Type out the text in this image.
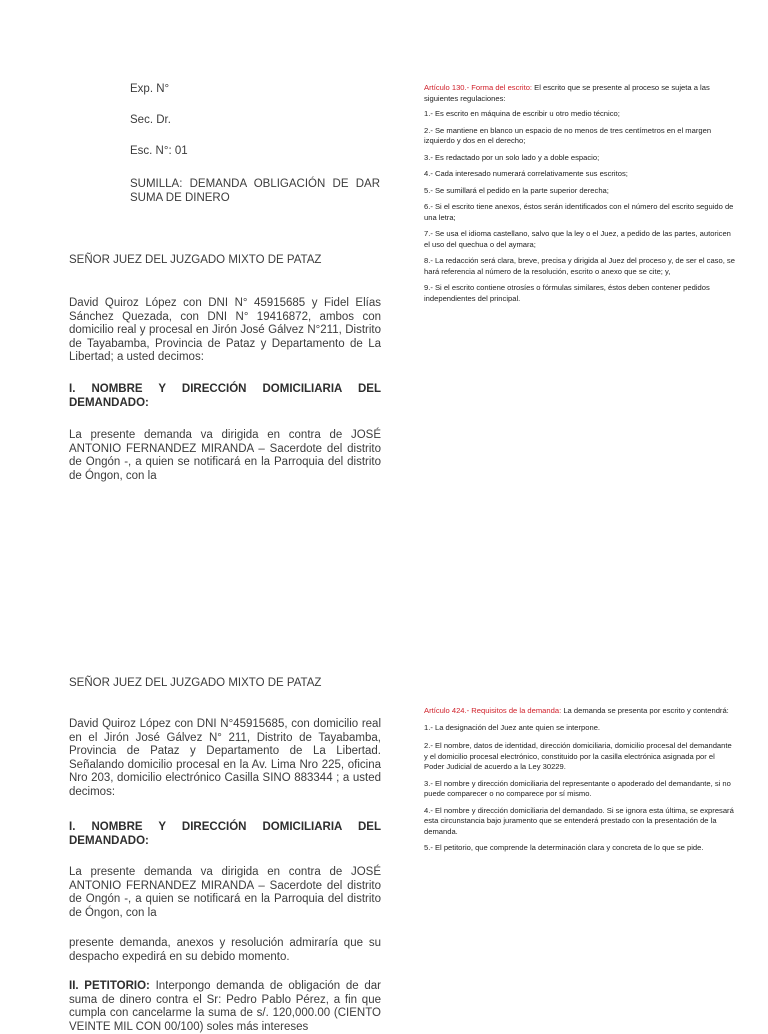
Exp. N°
Sec. Dr.
Esc. N°: 01
SUMILLA: DEMANDA OBLIGACIÓN DE DAR SUMA DE DINERO
SEÑOR JUEZ DEL JUZGADO MIXTO DE PATAZ
David Quiroz López con DNI N° 45915685 y Fidel Elías Sánchez Quezada, con DNI N° 19416872, ambos con domicilio real y procesal en Jirón José Gálvez N°211, Distrito de Tayabamba, Provincia de Pataz y Departamento de La Libertad; a usted decimos:
I. NOMBRE Y DIRECCIÓN DOMICILIARIA DEL DEMANDADO:
La presente demanda va dirigida en contra de JOSÉ ANTONIO FERNANDEZ MIRANDA – Sacerdote del distrito de Ongón -, a quien se notificará en la Parroquia del distrito de Óngon, con la
Artículo 130.- Forma del escrito: El escrito que se presente al proceso se sujeta a las siguientes regulaciones:
1.- Es escrito en máquina de escribir u otro medio técnico;
2.- Se mantiene en blanco un espacio de no menos de tres centímetros en el margen izquierdo y dos en el derecho;
3.- Es redactado por un solo lado y a doble espacio;
4.- Cada interesado numerará correlativamente sus escritos;
5.- Se sumillará el pedido en la parte superior derecha;
6.- Si el escrito tiene anexos, éstos serán identificados con el número del escrito seguido de una letra;
7.- Se usa el idioma castellano, salvo que la ley o el Juez, a pedido de las partes, autoricen el uso del quechua o del aymara;
8.- La redacción será clara, breve, precisa y dirigida al Juez del proceso y, de ser el caso, se hará referencia al número de la resolución, escrito o anexo que se cite; y,
9.- Si el escrito contiene otrosíes o fórmulas similares, éstos deben contener pedidos independientes del principal.
SEÑOR JUEZ DEL JUZGADO MIXTO DE PATAZ
David Quiroz López con DNI N°45915685, con domicilio real en el Jirón José Gálvez N° 211, Distrito de Tayabamba, Provincia de Pataz y Departamento de La Libertad. Señalando domicilio procesal en la Av. Lima Nro 225, oficina Nro 203, domicilio electrónico Casilla SINO 883344 ; a usted decimos:
I. NOMBRE Y DIRECCIÓN DOMICILIARIA DEL DEMANDADO:
La presente demanda va dirigida en contra de JOSÉ ANTONIO FERNANDEZ MIRANDA – Sacerdote del distrito de Ongón -, a quien se notificará en la Parroquia del distrito de Óngon, con la
presente demanda, anexos y resolución admiraría que su despacho expedirá en su debido momento.
II. PETITORIO: Interpongo demanda de obligación de dar suma de dinero contra el Sr: Pedro Pablo Pérez, a fin que cumpla con cancelarme la suma de s/. 120,000.00 (CIENTO VEINTE MIL CON 00/100) soles más intereses
Artículo 424.- Requisitos de la demanda: La demanda se presenta por escrito y contendrá:
1.- La designación del Juez ante quien se interpone.
2.- El nombre, datos de identidad, dirección domiciliaria, domicilio procesal del demandante y el domicilio procesal electrónico, constituido por la casilla electrónica asignada por el Poder Judicial de acuerdo a la Ley 30229.
3.- El nombre y dirección domiciliaria del representante o apoderado del demandante, si no puede comparecer o no comparece por sí mismo.
4.- El nombre y dirección domiciliaria del demandado. Si se ignora esta última, se expresará esta circunstancia bajo juramento que se entenderá prestado con la presentación de la demanda.
5.- El petitorio, que comprende la determinación clara y concreta de lo que se pide.
